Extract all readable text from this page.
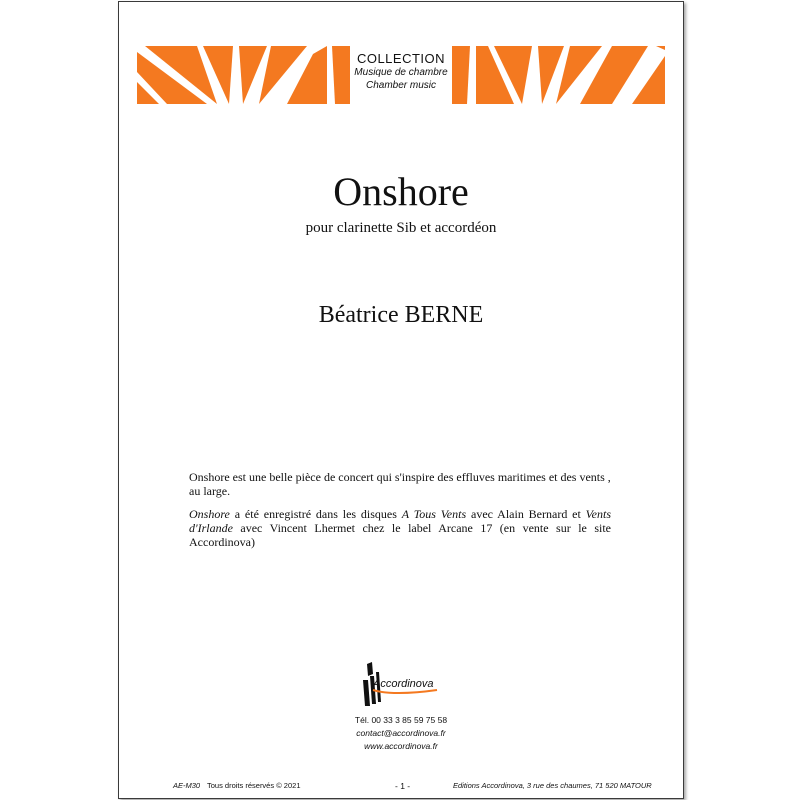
COLLECTION
Musique de chambre
Chamber music
Onshore
pour clarinette Sib et accordéon
Béatrice BERNE

Onshore est une belle pièce de concert qui s'inspire des effluves maritimes et des vents , au large.

Onshore a été enregistré dans les disques A Tous Vents avec Alain Bernard et Vents d'Irlande avec Vincent Lhermet chez le label Arcane 17 (en vente sur le site Accordinova)

Accordinova
Tél. 00 33 3 85 59 75 58
contact@accordinova.fr
www.accordinova.fr
AE-M30 Tous droits réservés © 2021	- 1 -	Editions Accordinova, 3 rue des chaumes, 71 520 MATOUR
